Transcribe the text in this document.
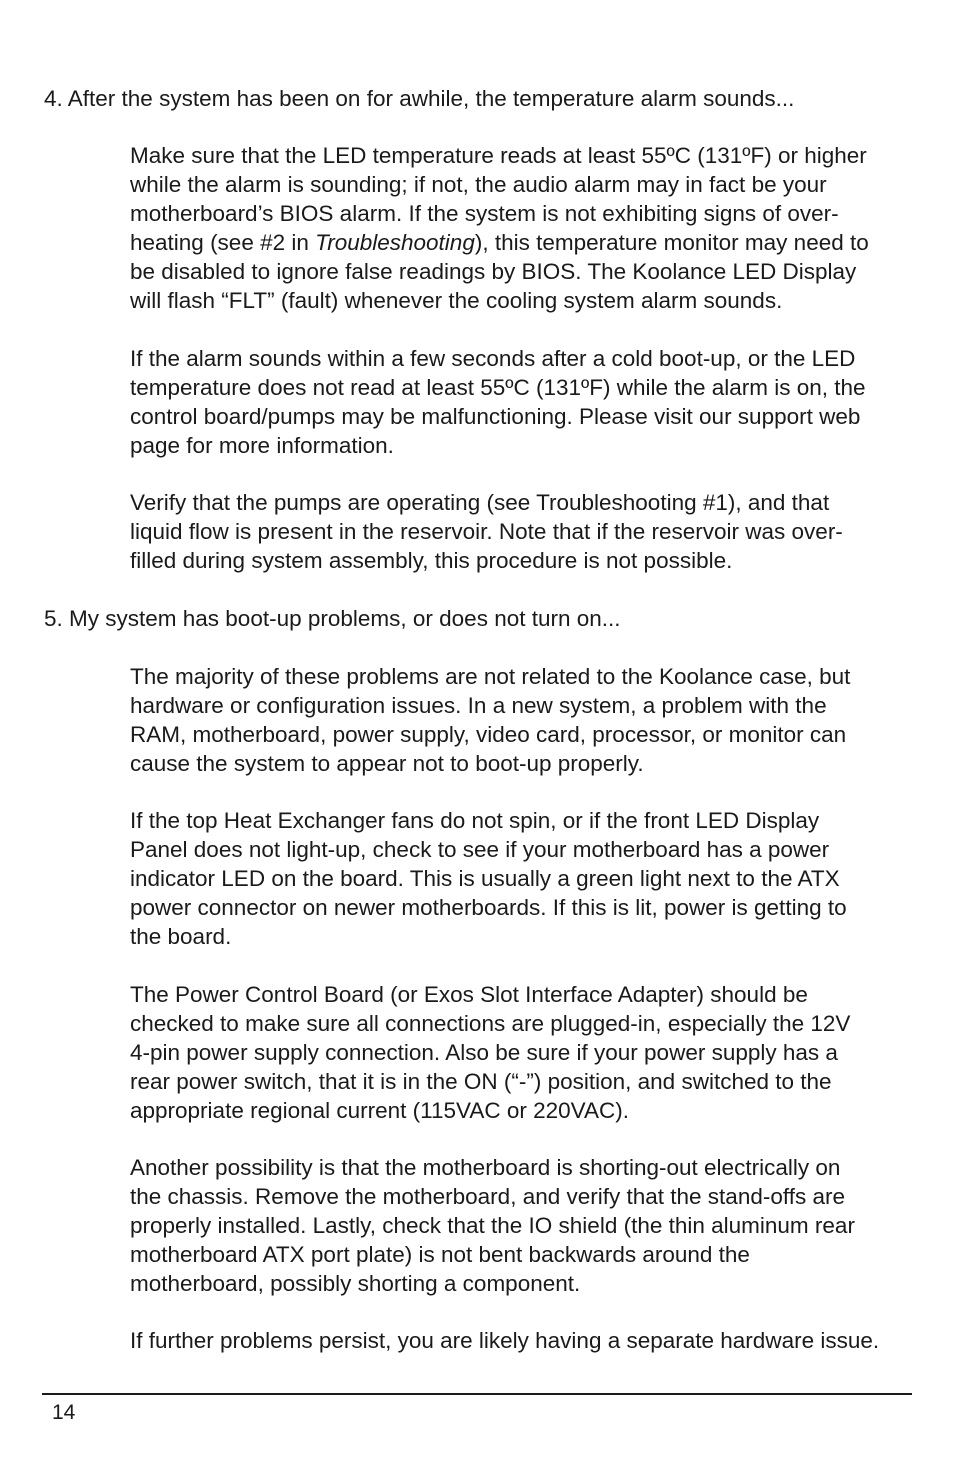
4. After the system has been on for awhile, the temperature alarm sounds...

Make sure that the LED temperature reads at least 55ºC (131ºF) or higher
while the alarm is sounding; if not, the audio alarm may in fact be your
motherboard’s BIOS alarm. If the system is not exhibiting signs of over-
heating (see #2 in Troubleshooting), this temperature monitor may need to
be disabled to ignore false readings by BIOS. The Koolance LED Display
will flash “FLT” (fault) whenever the cooling system alarm sounds.

If the alarm sounds within a few seconds after a cold boot-up, or the LED
temperature does not read at least 55ºC (131ºF) while the alarm is on, the
control board/pumps may be malfunctioning. Please visit our support web
page for more information.

Verify that the pumps are operating (see Troubleshooting #1), and that
liquid flow is present in the reservoir. Note that if the reservoir was over-
filled during system assembly, this procedure is not possible.

5. My system has boot-up problems, or does not turn on...

The majority of these problems are not related to the Koolance case, but
hardware or configuration issues. In a new system, a problem with the
RAM, motherboard, power supply, video card, processor, or monitor can
cause the system to appear not to boot-up properly.

If the top Heat Exchanger fans do not spin, or if the front LED Display
Panel does not light-up, check to see if your motherboard has a power
indicator LED on the board. This is usually a green light next to the ATX
power connector on newer motherboards. If this is lit, power is getting to
the board.

The Power Control Board (or Exos Slot Interface Adapter) should be
checked to make sure all connections are plugged-in, especially the 12V
4-pin power supply connection. Also be sure if your power supply has a
rear power switch, that it is in the ON (“-”) position, and switched to the
appropriate regional current (115VAC or 220VAC).

Another possibility is that the motherboard is shorting-out electrically on
the chassis. Remove the motherboard, and verify that the stand-offs are
properly installed. Lastly, check that the IO shield (the thin aluminum rear
motherboard ATX port plate) is not bent backwards around the
motherboard, possibly shorting a component.

If further problems persist, you are likely having a separate hardware issue.

14
